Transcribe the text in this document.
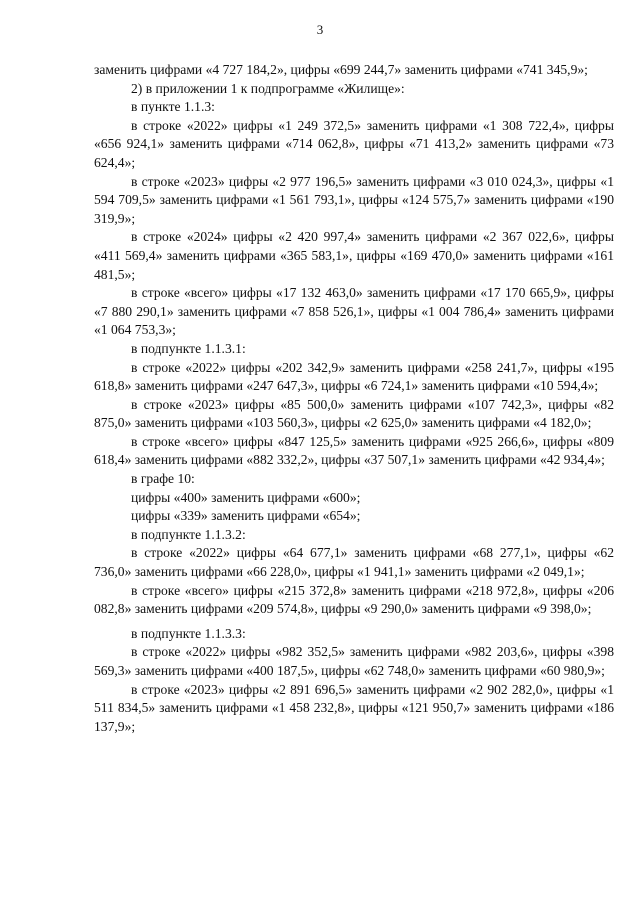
3

заменить цифрами «4 727 184,2», цифры «699 244,7» заменить цифрами «741 345,9»;

2) в приложении 1 к подпрограмме «Жилище»:

в пункте 1.1.3:

в строке «2022» цифры «1 249 372,5» заменить цифрами «1 308 722,4», цифры «656 924,1» заменить цифрами «714 062,8», цифры «71 413,2» заменить цифрами «73 624,4»;

в строке «2023» цифры «2 977 196,5» заменить цифрами «3 010 024,3», цифры «1 594 709,5» заменить цифрами «1 561 793,1», цифры «124 575,7» заменить цифрами «190 319,9»;

в строке «2024» цифры «2 420 997,4» заменить цифрами «2 367 022,6», цифры «411 569,4» заменить цифрами «365 583,1», цифры «169 470,0» заменить цифрами «161 481,5»;

в строке «всего» цифры «17 132 463,0» заменить цифрами «17 170 665,9», цифры «7 880 290,1» заменить цифрами «7 858 526,1», цифры «1 004 786,4» заменить цифрами «1 064 753,3»;

в подпункте 1.1.3.1:

в строке «2022» цифры «202 342,9» заменить цифрами «258 241,7», цифры «195 618,8» заменить цифрами «247 647,3», цифры «6 724,1» заменить цифрами «10 594,4»;

в строке «2023» цифры «85 500,0» заменить цифрами «107 742,3», цифры «82 875,0» заменить цифрами «103 560,3», цифры «2 625,0» заменить цифрами «4 182,0»;

в строке «всего» цифры «847 125,5» заменить цифрами «925 266,6», цифры «809 618,4» заменить цифрами «882 332,2», цифры «37 507,1» заменить цифрами «42 934,4»;

в графе 10:

цифры «400» заменить цифрами «600»;

цифры «339» заменить цифрами «654»;

в подпункте 1.1.3.2:

в строке «2022» цифры «64 677,1» заменить цифрами «68 277,1», цифры «62 736,0» заменить цифрами «66 228,0», цифры «1 941,1» заменить цифрами «2 049,1»;

в строке «всего» цифры «215 372,8» заменить цифрами «218 972,8», цифры «206 082,8» заменить цифрами «209 574,8», цифры «9 290,0» заменить цифрами «9 398,0»;

в подпункте 1.1.3.3:

в строке «2022» цифры «982 352,5» заменить цифрами «982 203,6», цифры «398 569,3» заменить цифрами «400 187,5», цифры «62 748,0» заменить цифрами «60 980,9»;

в строке «2023» цифры «2 891 696,5» заменить цифрами «2 902 282,0», цифры «1 511 834,5» заменить цифрами «1 458 232,8», цифры «121 950,7» заменить цифрами «186 137,9»;
